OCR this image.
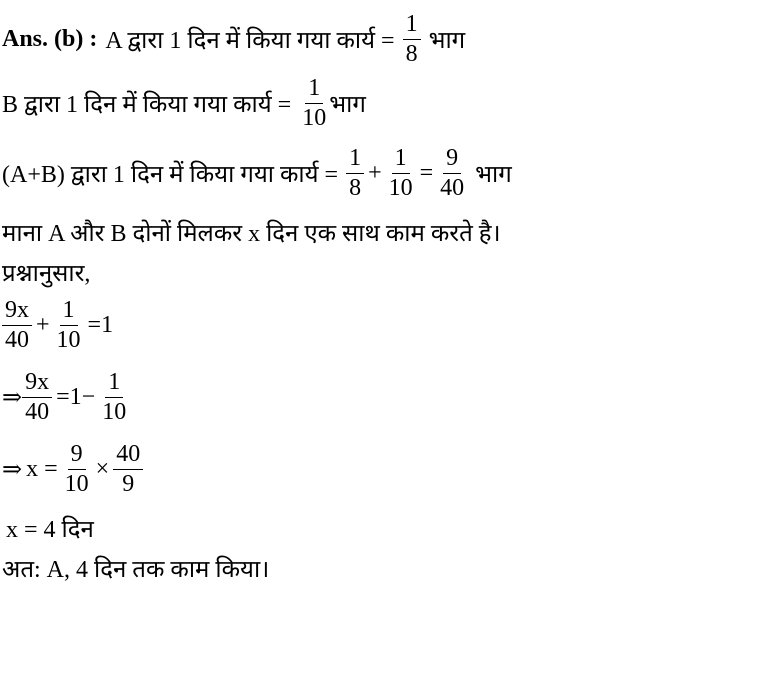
Ans. (b) : A द्वारा 1 दिन में किया गया कार्य = $\frac{1}{8}$ भाग
B द्वारा 1 दिन में किया गया कार्य = $\frac{1}{10}$ भाग
(A+B) द्वारा 1 दिन में किया गया कार्य = $\frac{1}{8} + \frac{1}{10} = \frac{9}{40}$ भाग
माना A और B दोनों मिलकर x दिन एक साथ काम करते है।
प्रश्नानुसार,
$\frac{9x}{40} + \frac{1}{10} =1$
⇒ $\frac{9x}{40} =1- \frac{1}{10}$
⇒ $x = \frac{9}{10} \times \frac{40}{9}$
x = 4 दिन
अत: A, 4 दिन तक काम किया।
